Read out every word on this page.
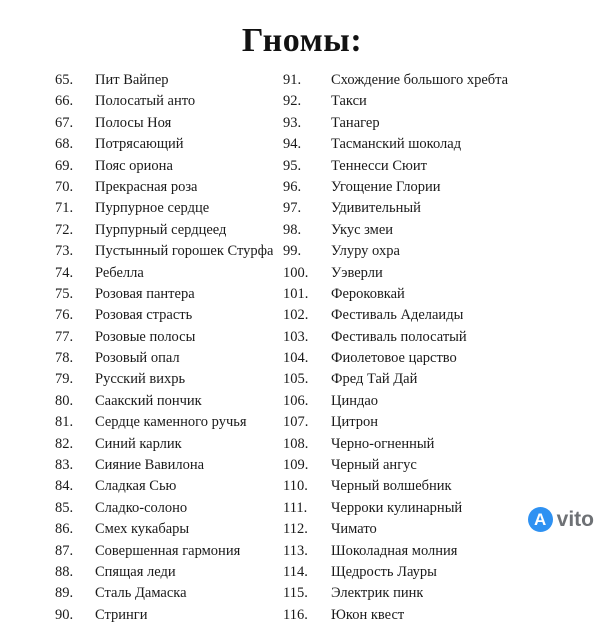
Гномы:
65.	Пит Вайпер
66.	Полосатый анто
67.	Полосы Ноя
68.	Потрясающий
69.	Пояс ориона
70.	Прекрасная роза
71.	Пурпурное сердце
72.	Пурпурный сердцеед
73.	Пустынный горошек Стурфа
74.	Ребелла
75.	Розовая пантера
76.	Розовая страсть
77.	Розовые полосы
78.	Розовый опал
79.	Русский вихрь
80.	Саакский пончик
81.	Сердце каменного ручья
82.	Синий карлик
83.	Сияние Вавилона
84.	Сладкая Сью
85.	Сладко-солоно
86.	Смех кукабары
87.	Совершенная гармония
88.	Спящая леди
89.	Сталь Дамаска
90.	Стринги
91.	Схождение большого хребта
92.	Такси
93.	Танагер
94.	Тасманский шоколад
95.	Теннесси Сюит
96.	Угощение Глории
97.	Удивительный
98.	Укус змеи
99.	Улуру охра
100.	Уэверли
101.	Фероковкай
102.	Фестиваль Аделаиды
103.	Фестиваль полосатый
104.	Фиолетовое царство
105.	Фред Тай Дай
106.	Циндао
107.	Цитрон
108.	Черно-огненный
109.	Черный ангус
110.	Черный волшебник
111.	Черроки кулинарный
112.	Чимато
113.	Шоколадная молния
114.	Щедрость Лауры
115.	Электрик пинк
116.	Юкон квест
A vito
